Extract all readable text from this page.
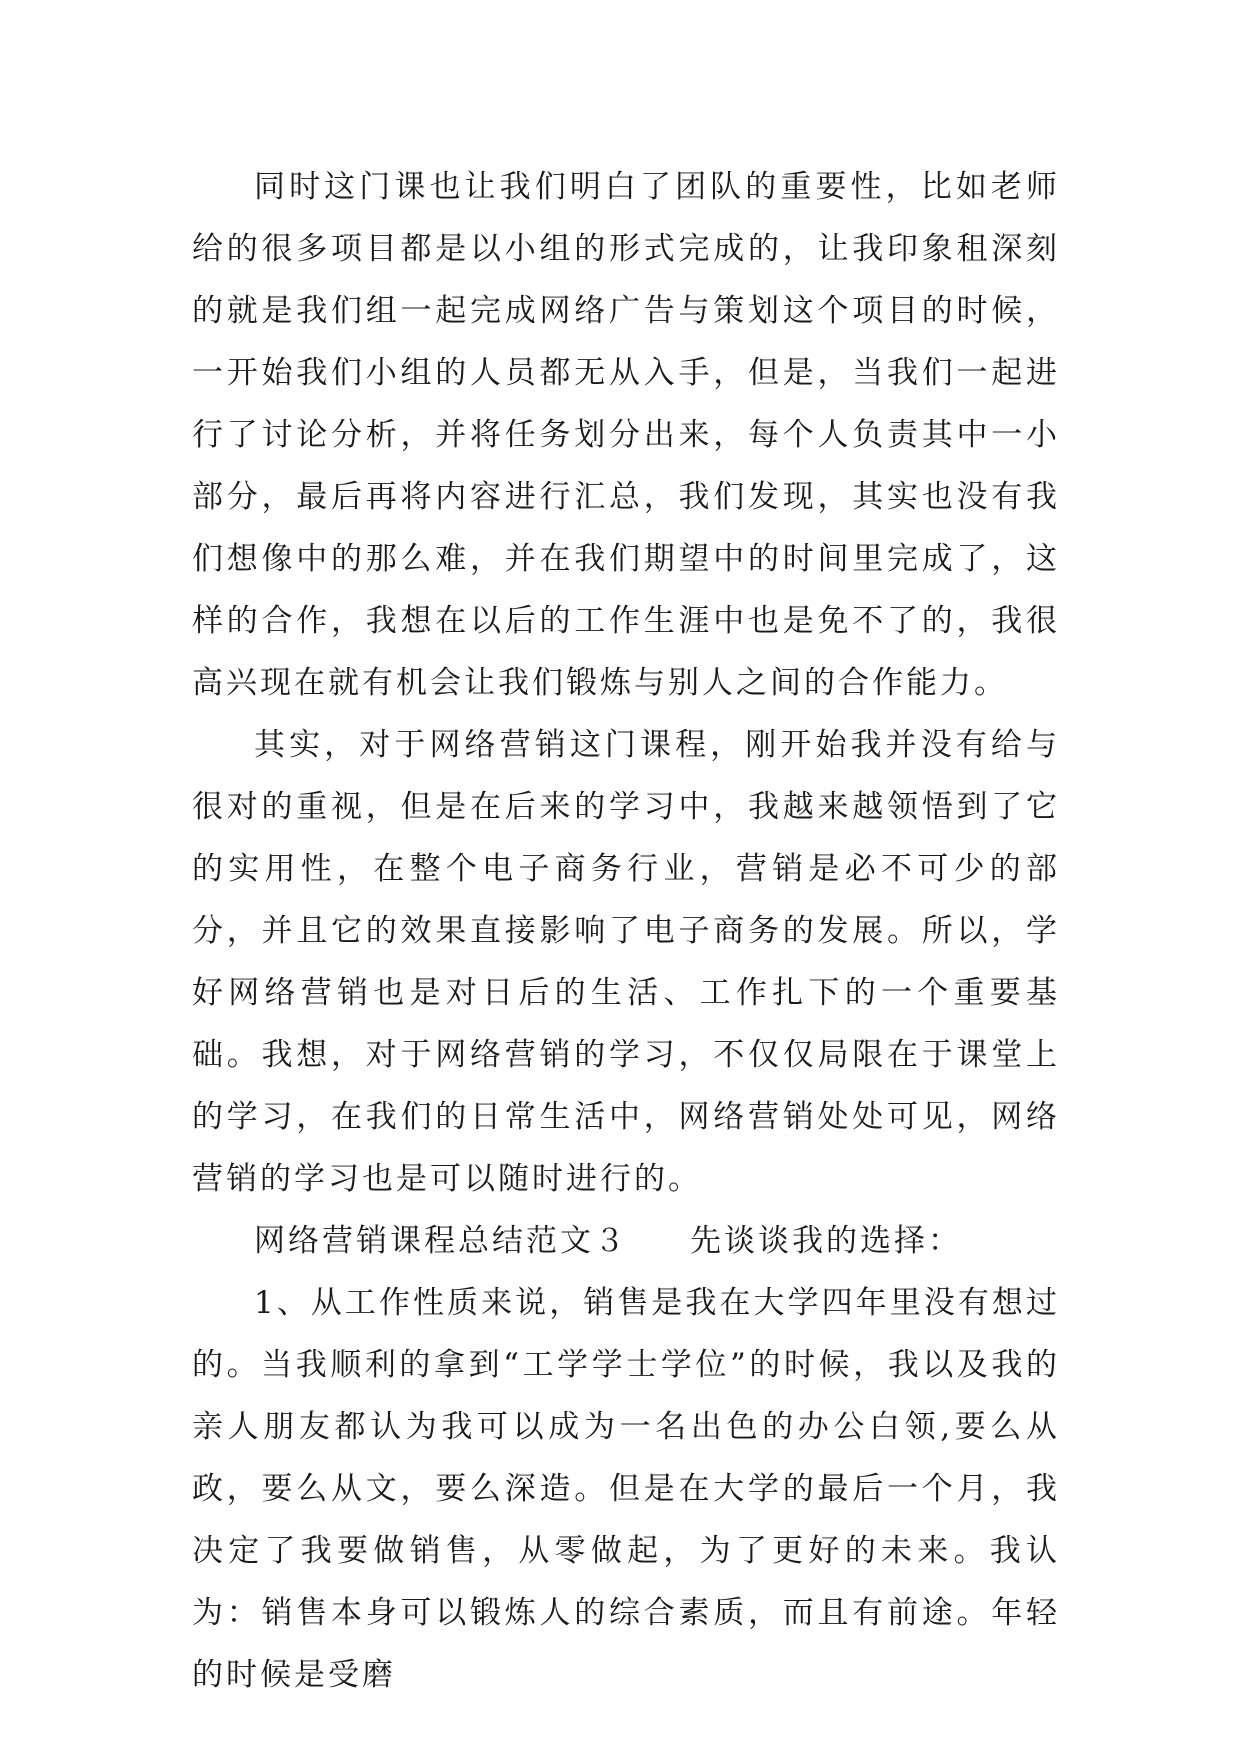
同时这门课也让我们明白了团队的重要性，比如老师给的很多项目都是以小组的形式完成的，让我印象租深刻的就是我们组一起完成网络广告与策划这个项目的时候，一开始我们小组的人员都无从入手，但是，当我们一起进行了讨论分析，并将任务划分出来，每个人负责其中一小部分，最后再将内容进行汇总，我们发现，其实也没有我们想像中的那么难，并在我们期望中的时间里完成了，这样的合作，我想在以后的工作生涯中也是免不了的，我很高兴现在就有机会让我们锻炼与别人之间的合作能力。

其实，对于网络营销这门课程，刚开始我并没有给与很对的重视，但是在后来的学习中，我越来越领悟到了它的实用性，在整个电子商务行业，营销是必不可少的部分，并且它的效果直接影响了电子商务的发展。所以，学好网络营销也是对日后的生活、工作扎下的一个重要基础。我想，对于网络营销的学习，不仅仅局限在于课堂上的学习，在我们的日常生活中，网络营销处处可见，网络营销的学习也是可以随时进行的。

网络营销课程总结范文３ 先谈谈我的选择：

1、从工作性质来说，销售是我在大学四年里没有想过的。当我顺利的拿到“工学学士学位”的时候，我以及我的亲人朋友都认为我可以成为一名出色的办公白领,要么从政，要么从文，要么深造。但是在大学的最后一个月，我决定了我要做销售，从零做起，为了更好的未来。我认为：销售本身可以锻炼人的综合素质，而且有前途。年轻的时候是受磨
